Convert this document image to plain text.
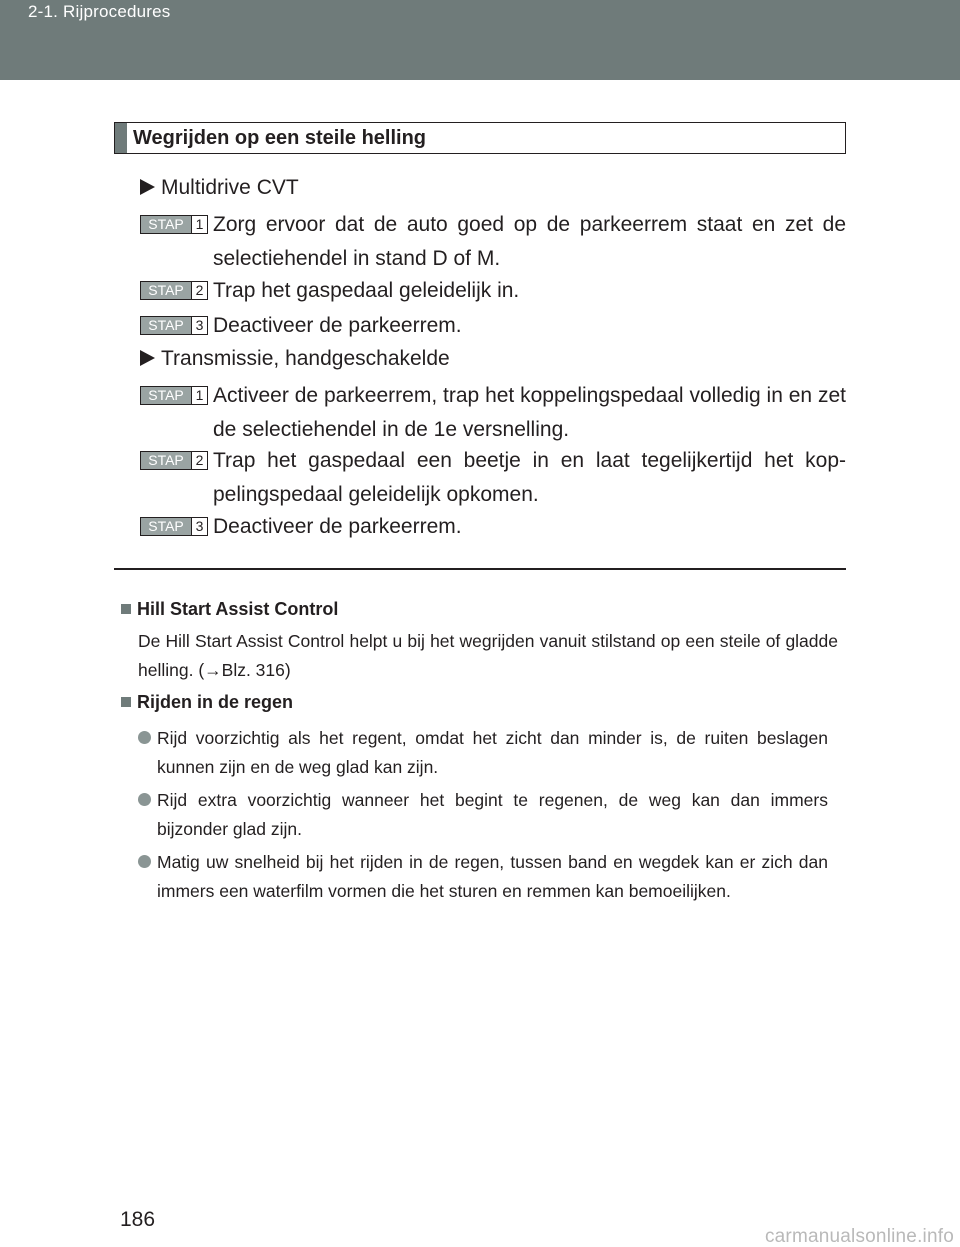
2-1. Rijprocedures
Wegrijden op een steile helling
Multidrive CVT
STAP 1 Zorg ervoor dat de auto goed op de parkeerrem staat en zet de selectiehendel in stand D of M.
STAP 2 Trap het gaspedaal geleidelijk in.
STAP 3 Deactiveer de parkeerrem.
Transmissie, handgeschakelde
STAP 1 Activeer de parkeerrem, trap het koppelingspedaal volledig in en zet de selectiehendel in de 1e versnelling.
STAP 2 Trap het gaspedaal een beetje in en laat tegelijkertijd het kop-pelingspedaal geleidelijk opkomen.
STAP 3 Deactiveer de parkeerrem.
Hill Start Assist Control
De Hill Start Assist Control helpt u bij het wegrijden vanuit stilstand op een steile of gladde helling. (→Blz. 316)
Rijden in de regen
Rijd voorzichtig als het regent, omdat het zicht dan minder is, de ruiten beslagen kunnen zijn en de weg glad kan zijn.
Rijd extra voorzichtig wanneer het begint te regenen, de weg kan dan immers bijzonder glad zijn.
Matig uw snelheid bij het rijden in de regen, tussen band en wegdek kan er zich dan immers een waterfilm vormen die het sturen en remmen kan bemoeilijken.
186
carmanualsonline.info
